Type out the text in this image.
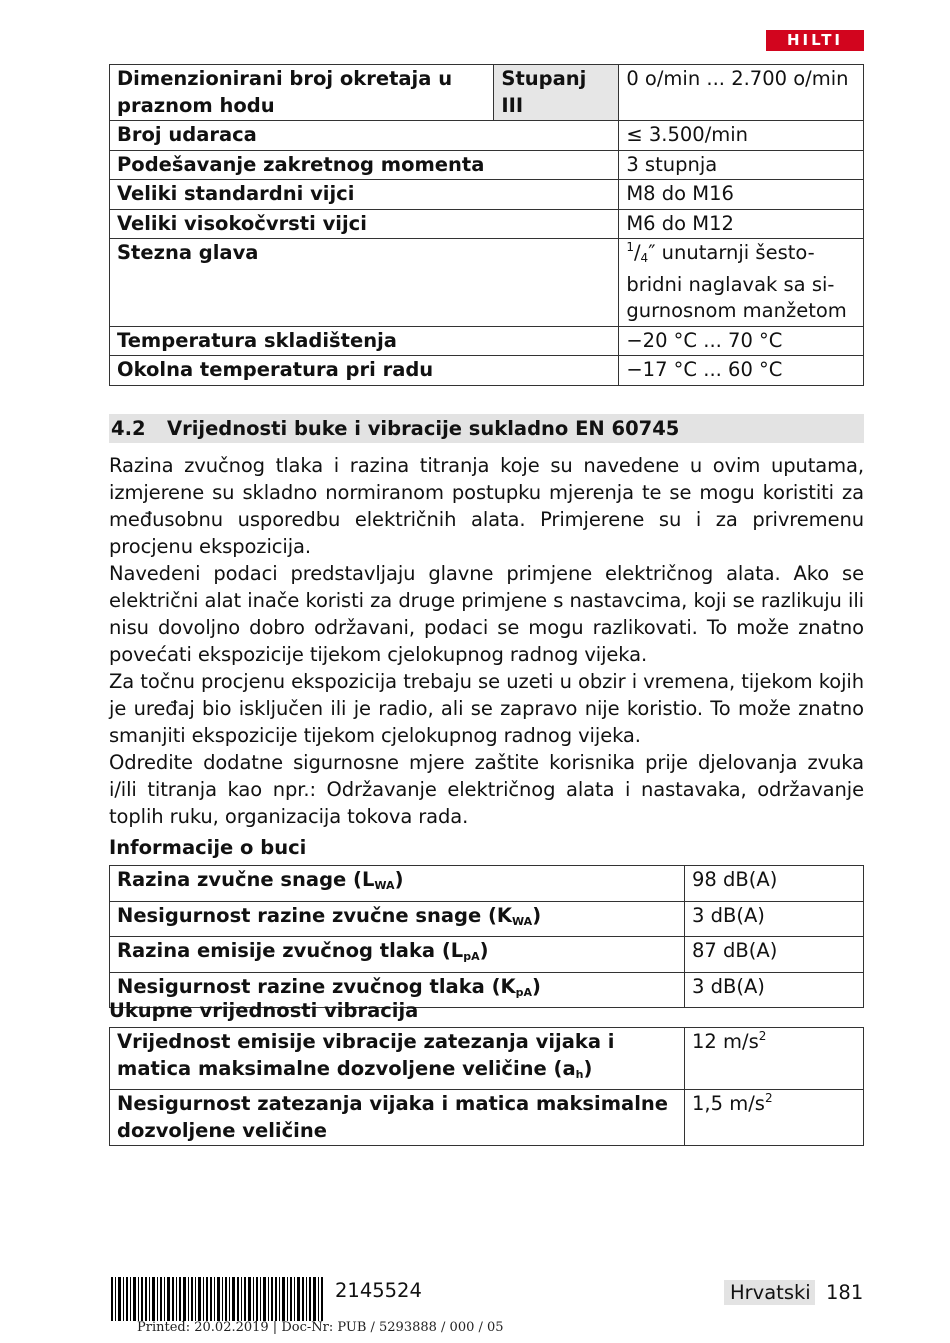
HILTI
Dimenzionirani broj okretaja u praznom hodu	Stupanj III	0 o/min ... 2.700 o/min
Broj udaraca		≤ 3.500/min
Podešavanje zakretnog momenta		3 stupnja
Veliki standardni vijci		M8 do M16
Veliki visokočvrsti vijci		M6 do M12
Stezna glava		$^1/_4''$ unutarnji šesto-bridni naglavak sa si-gurnosnom manžetom
Temperatura skladištenja		−20 °C ... 70 °C
Okolna temperatura pri radu		−17 °C ... 60 °C
4.2 Vrijednosti buke i vibracije sukladno EN 60745

Razina zvučnog tlaka i razina titranja koje su navedene u ovim uputama, izmjerene su skladno normiranom postupku mjerenja te se mogu koristiti za međusobnu usporedbu električnih alata. Primjerene su i za privremenu procjenu ekspozicija.

Navedeni podaci predstavljaju glavne primjene električnog alata. Ako se električni alat inače koristi za druge primjene s nastavcima, koji se razlikuju ili nisu dovoljno dobro održavani, podaci se mogu razlikovati. To može znatno povećati ekspozicije tijekom cjelokupnog radnog vijeka.

Za točnu procjenu ekspozicija trebaju se uzeti u obzir i vremena, tijekom kojih je uređaj bio isključen ili je radio, ali se zapravo nije koristio. To može znatno smanjiti ekspozicije tijekom cjelokupnog radnog vijeka.

Odredite dodatne sigurnosne mjere zaštite korisnika prije djelovanja zvuka i/ili titranja kao npr.: Održavanje električnog alata i nastavaka, održavanje toplih ruku, organizacija tokova rada.

Informacije o buci
Razina zvučne snage $(L_{WA})$	98 dB(A)
Nesigurnost razine zvučne snage $(K_{WA})$	3 dB(A)
Razina emisije zvučnog tlaka $(L_{pA})$	87 dB(A)
Nesigurnost razine zvučnog tlaka $(K_{pA})$	3 dB(A)
Ukupne vrijednosti vibracija
Vrijednost emisije vibracije zatezanja vijaka i matica maksimalne dozvoljene veličine $(a_h)$	12 $m/s^2$
Nesigurnost zatezanja vijaka i matica maksimalne dozvoljene veličine	1,5 $m/s^2$
2145524
Printed: 20.02.2019 | Doc-Nr: PUB / 5293888 / 000 / 05
Hrvatski 181
